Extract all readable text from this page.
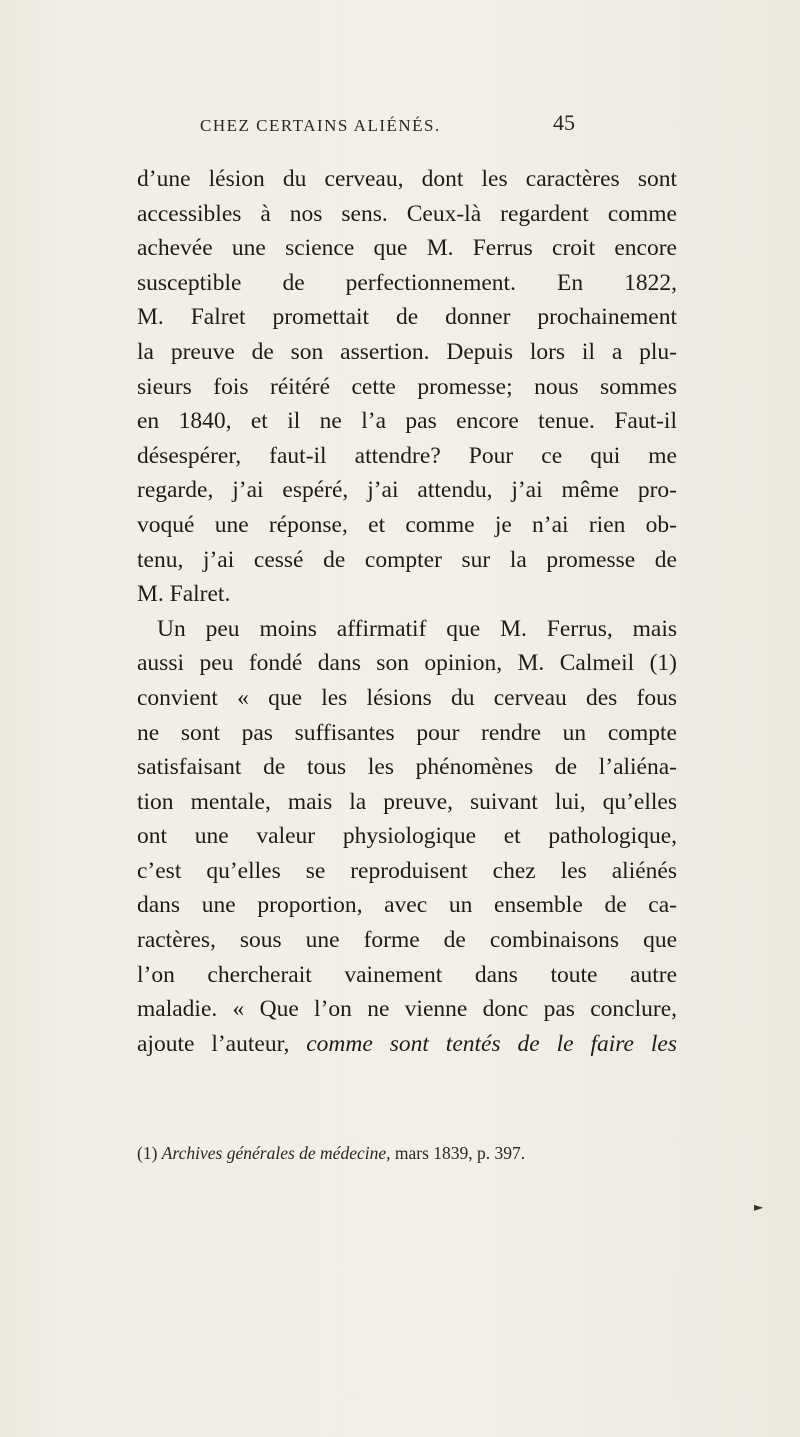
CHEZ CERTAINS ALIÉNÉS.	45
d’une lésion du cerveau, dont les caractères sont
accessibles à nos sens. Ceux-là regardent comme
achevée une science que M. Ferrus croit encore
susceptible de perfectionnement. En 1822,
M. Falret promettait de donner prochainement
la preuve de son assertion. Depuis lors il a plu-
sieurs fois réitéré cette promesse; nous sommes
en 1840, et il ne l’a pas encore tenue. Faut-il
désespérer, faut-il attendre? Pour ce qui me
regarde, j’ai espéré, j’ai attendu, j’ai même pro-
voqué une réponse, et comme je n’ai rien ob-
tenu, j’ai cessé de compter sur la promesse de
M. Falret.
Un peu moins affirmatif que M. Ferrus, mais
aussi peu fondé dans son opinion, M. Calmeil (1)
convient « que les lésions du cerveau des fous
ne sont pas suffisantes pour rendre un compte
satisfaisant de tous les phénomènes de l’aliéna-
tion mentale, mais la preuve, suivant lui, qu’elles
ont une valeur physiologique et pathologique,
c’est qu’elles se reproduisent chez les aliénés
dans une proportion, avec un ensemble de ca-
ractères, sous une forme de combinaisons que
l’on chercherait vainement dans toute autre
maladie. « Que l’on ne vienne donc pas conclure,
ajoute l’auteur, comme sont tentés de le faire les
(1) Archives générales de médecine, mars 1839, p. 397.
►
